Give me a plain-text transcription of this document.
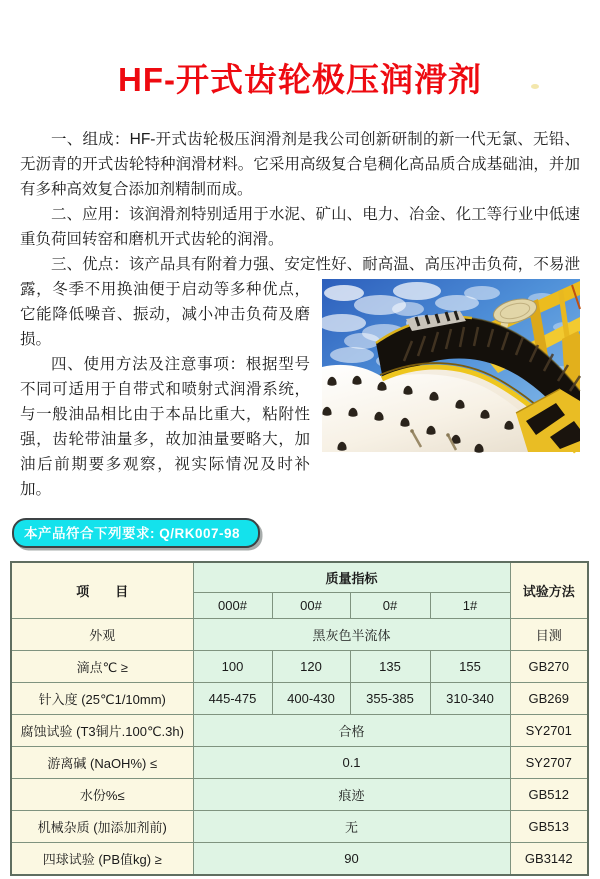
HF-开式齿轮极压润滑剂

一、组成：HF-开式齿轮极压润滑剂是我公司创新研制的新一代无氯、无铅、无沥青的开式齿轮特种润滑材料。它采用高级复合皂稠化高品质合成基础油，并加有多种高效复合添加剂精制而成。

二、应用：该润滑剂特别适用于水泥、矿山、电力、冶金、化工等行业中低速重负荷回转窑和磨机开式齿轮的润滑。

三、优点：该产品具有附着力强、安定性好、耐高温、高压冲击负荷，不易泄露，冬
季不用换油便于启动等多种优点，它能降低噪音、振动，减小冲击负荷及磨损。

四、使用方法及注意事项：根据型号不同可适用于自带式和喷射式润滑系统，与一般油品相比由于本品比重大，粘附性强，齿轮带油量多，故加油量要略大，加油后前期要多观察，视实际情况及时补加。

本产品符合下列要求: Q/RK007-98
项　　目	质量指标				试验方法
	000#	00#	0#	1#	
外观	黑灰色半流体				目测
滴点℃ ≥	100	120	135	155	GB270
针入度 (25℃1/10mm)	445-475	400-430	355-385	310-340	GB269
腐蚀试验 (T3铜片.100℃.3h)	合格				SY2701
游离碱 (NaOH%) ≤	0.1				SY2707
水份%≤	痕迹				GB512
机械杂质 (加添加剂前)	无				GB513
四球试验 (PB值kg) ≥	90				GB3142
